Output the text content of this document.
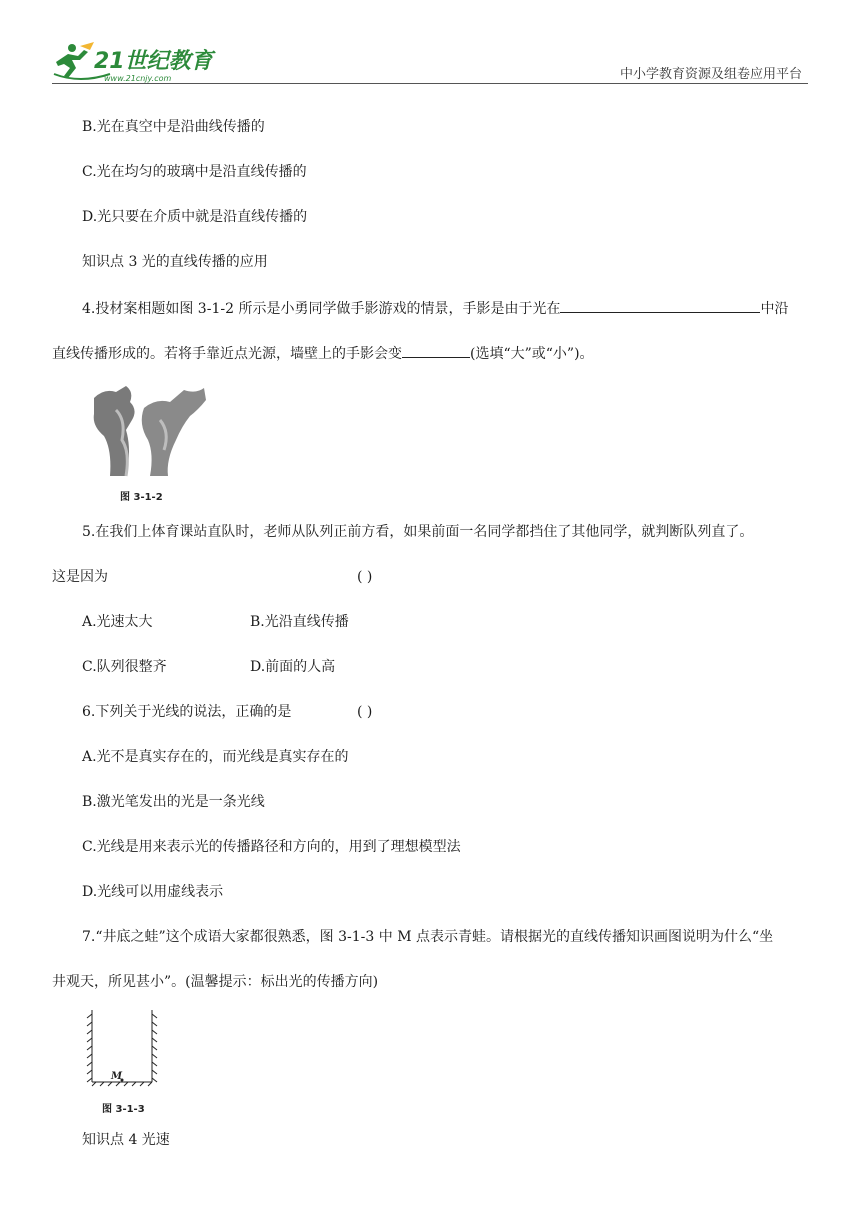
21世纪教育
www.21cnjy.com	中小学教育资源及组卷应用平台
B.光在真空中是沿曲线传播的
C.光在均匀的玻璃中是沿直线传播的
D.光只要在介质中就是沿直线传播的
知识点 3 光的直线传播的应用
4.投材案相题如图 3-1-2 所示是小勇同学做手影游戏的情景，手影是由于光在	中沿
直线传播形成的。若将手靠近点光源，墙壁上的手影会变	(选填“大”或“小”)。
图 3-1-2
5.在我们上体育课站直队时，老师从队列正前方看，如果前面一名同学都挡住了其他同学，就判断队列直了。
这是因为	( )
A.光速太大	B.光沿直线传播
C.队列很整齐	D.前面的人高
6.下列关于光线的说法，正确的是	( )
A.光不是真实存在的，而光线是真实存在的
B.激光笔发出的光是一条光线
C.光线是用来表示光的传播路径和方向的，用到了理想模型法
D.光线可以用虚线表示
7.“井底之蛙”这个成语大家都很熟悉，图 3-1-3 中 M 点表示青蛙。请根据光的直线传播知识画图说明为什么“坐
井观天，所见甚小”。(温馨提示：标出光的传播方向)
M
图 3-1-3
知识点 4 光速
